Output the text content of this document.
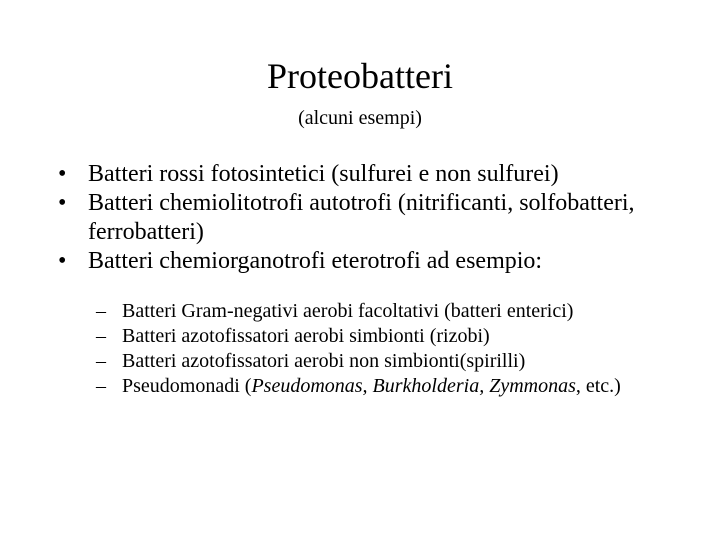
Proteobatteri
(alcuni esempi)
• Batteri rossi fotosintetici (sulfurei e non sulfurei)
• Batteri chemiolitotrofi autotrofi (nitrificanti, solfobatteri, ferrobatteri)
• Batteri chemiorganotrofi eterotrofi ad esempio:
– Batteri Gram-negativi aerobi facoltativi (batteri enterici)
– Batteri azotofissatori aerobi simbionti (rizobi)
– Batteri azotofissatori aerobi non simbionti(spirilli)
– Pseudomonadi (Pseudomonas, Burkholderia, Zymmonas, etc.)
